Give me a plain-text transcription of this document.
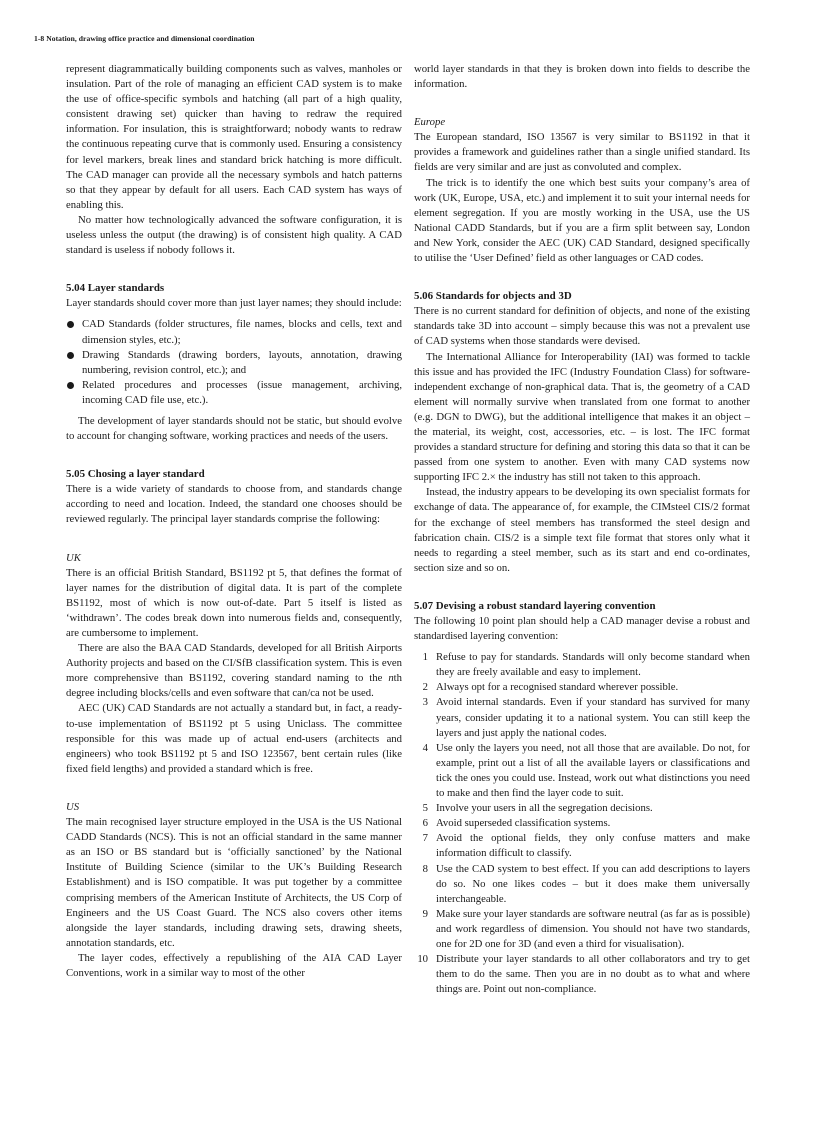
1-8 Notation, drawing office practice and dimensional coordination

represent diagrammatically building components such as valves, manholes or insulation. Part of the role of managing an efficient CAD system is to make the use of office-specific symbols and hatching (all part of a high quality, consistent drawing set) quicker than having to redraw the required information. For insulation, this is straightforward; nobody wants to redraw the continuous repeating curve that is commonly used. Ensuring a consistency for level markers, break lines and standard brick hatching is more difficult. The CAD manager can provide all the necessary symbols and hatch patterns so that they appear by default for all users. Each CAD system has ways of enabling this.

No matter how technologically advanced the software configuration, it is useless unless the output (the drawing) is of consistent high quality. A CAD standard is useless if nobody follows it.

5.04 Layer standards

Layer standards should cover more than just layer names; they should include:

CAD Standards (folder structures, file names, blocks and cells, text and dimension styles, etc.);
Drawing Standards (drawing borders, layouts, annotation, drawing numbering, revision control, etc.); and
Related procedures and processes (issue management, archiving, incoming CAD file use, etc.).

The development of layer standards should not be static, but should evolve to account for changing software, working practices and needs of the users.

5.05 Chosing a layer standard

There is a wide variety of standards to choose from, and standards change according to need and location. Indeed, the standard one chooses should be reviewed regularly. The principal layer standards comprise the following:

UK

There is an official British Standard, BS1192 pt 5, that defines the format of layer names for the distribution of digital data. It is part of the complete BS1192, most of which is now out-of-date. Part 5 itself is listed as ‘withdrawn’. The codes break down into numerous fields and, consequently, are cumbersome to implement.

There are also the BAA CAD Standards, developed for all British Airports Authority projects and based on the CI/SfB classification system. This is even more comprehensive than BS1192, covering standard naming to the nth degree including blocks/cells and even software that can/ca not be used.

AEC (UK) CAD Standards are not actually a standard but, in fact, a ready-to-use implementation of BS1192 pt 5 using Uniclass. The committee responsible for this was made up of actual end-users (architects and engineers) who took BS1192 pt 5 and ISO 123567, bent certain rules (like fixed field lengths) and provided a standard which is free.

US

The main recognised layer structure employed in the USA is the US National CADD Standards (NCS). This is not an official standard in the same manner as an ISO or BS standard but is ‘officially sanctioned’ by the National Institute of Building Science (similar to the UK’s Building Research Establishment) and is ISO compatible. It was put together by a committee comprising members of the American Institute of Architects, the US Corp of Engineers and the US Coast Guard. The NCS also covers other items alongside the layer standards, including drawing sets, drawing sheets, annotation standards, etc.

The layer codes, effectively a republishing of the AIA CAD Layer Conventions, work in a similar way to most of the other

world layer standards in that they is broken down into fields to describe the information.

Europe

The European standard, ISO 13567 is very similar to BS1192 in that it provides a framework and guidelines rather than a single unified standard. Its fields are very similar and are just as convoluted and complex.

The trick is to identify the one which best suits your company’s area of work (UK, Europe, USA, etc.) and implement it to suit your internal needs for element segregation. If you are mostly working in the USA, use the US National CADD Standards, but if you are a firm split between say, London and New York, consider the AEC (UK) CAD Standard, designed specifically to utilise the ‘User Defined’ field as other languages or CAD codes.

5.06 Standards for objects and 3D

There is no current standard for definition of objects, and none of the existing standards take 3D into account – simply because this was not a prevalent use of CAD systems when those standards were devised.

The International Alliance for Interoperability (IAI) was formed to tackle this issue and has provided the IFC (Industry Foundation Class) for software-independent exchange of non-graphical data. That is, the geometry of a CAD element will normally survive when translated from one format to another (e.g. DGN to DWG), but the additional intelligence that makes it an object – the material, its weight, cost, accessories, etc. – is lost. The IFC format provides a standard structure for defining and storing this data so that it can be passed from one system to another. Even with many CAD systems now supporting IFC 2.× the industry has still not taken to this approach.

Instead, the industry appears to be developing its own specialist formats for exchange of data. The appearance of, for example, the CIMsteel CIS/2 format for the exchange of steel members has transformed the steel design and fabrication chain. CIS/2 is a simple text file format that stores only what it needs to regarding a steel member, such as its start and end co-ordinates, section size and so on.

5.07 Devising a robust standard layering convention

The following 10 point plan should help a CAD manager devise a robust and standardised layering convention:

1 Refuse to pay for standards. Standards will only become standard when they are freely available and easy to implement.
2 Always opt for a recognised standard wherever possible.
3 Avoid internal standards. Even if your standard has survived for many years, consider updating it to a national system. You can still keep the layers and just apply the national codes.
4 Use only the layers you need, not all those that are available. Do not, for example, print out a list of all the available layers or classifications and tick the ones you could use. Instead, work out what distinctions you need to make and then find the layer code to suit.
5 Involve your users in all the segregation decisions.
6 Avoid superseded classification systems.
7 Avoid the optional fields, they only confuse matters and make information difficult to classify.
8 Use the CAD system to best effect. If you can add descriptions to layers do so. No one likes codes – but it does make them universally interchangeable.
9 Make sure your layer standards are software neutral (as far as is possible) and work regardless of dimension. You should not have two standards, one for 2D one for 3D (and even a third for visualisation).
10 Distribute your layer standards to all other collaborators and try to get them to do the same. Then you are in no doubt as to what and where things are. Point out non-compliance.
